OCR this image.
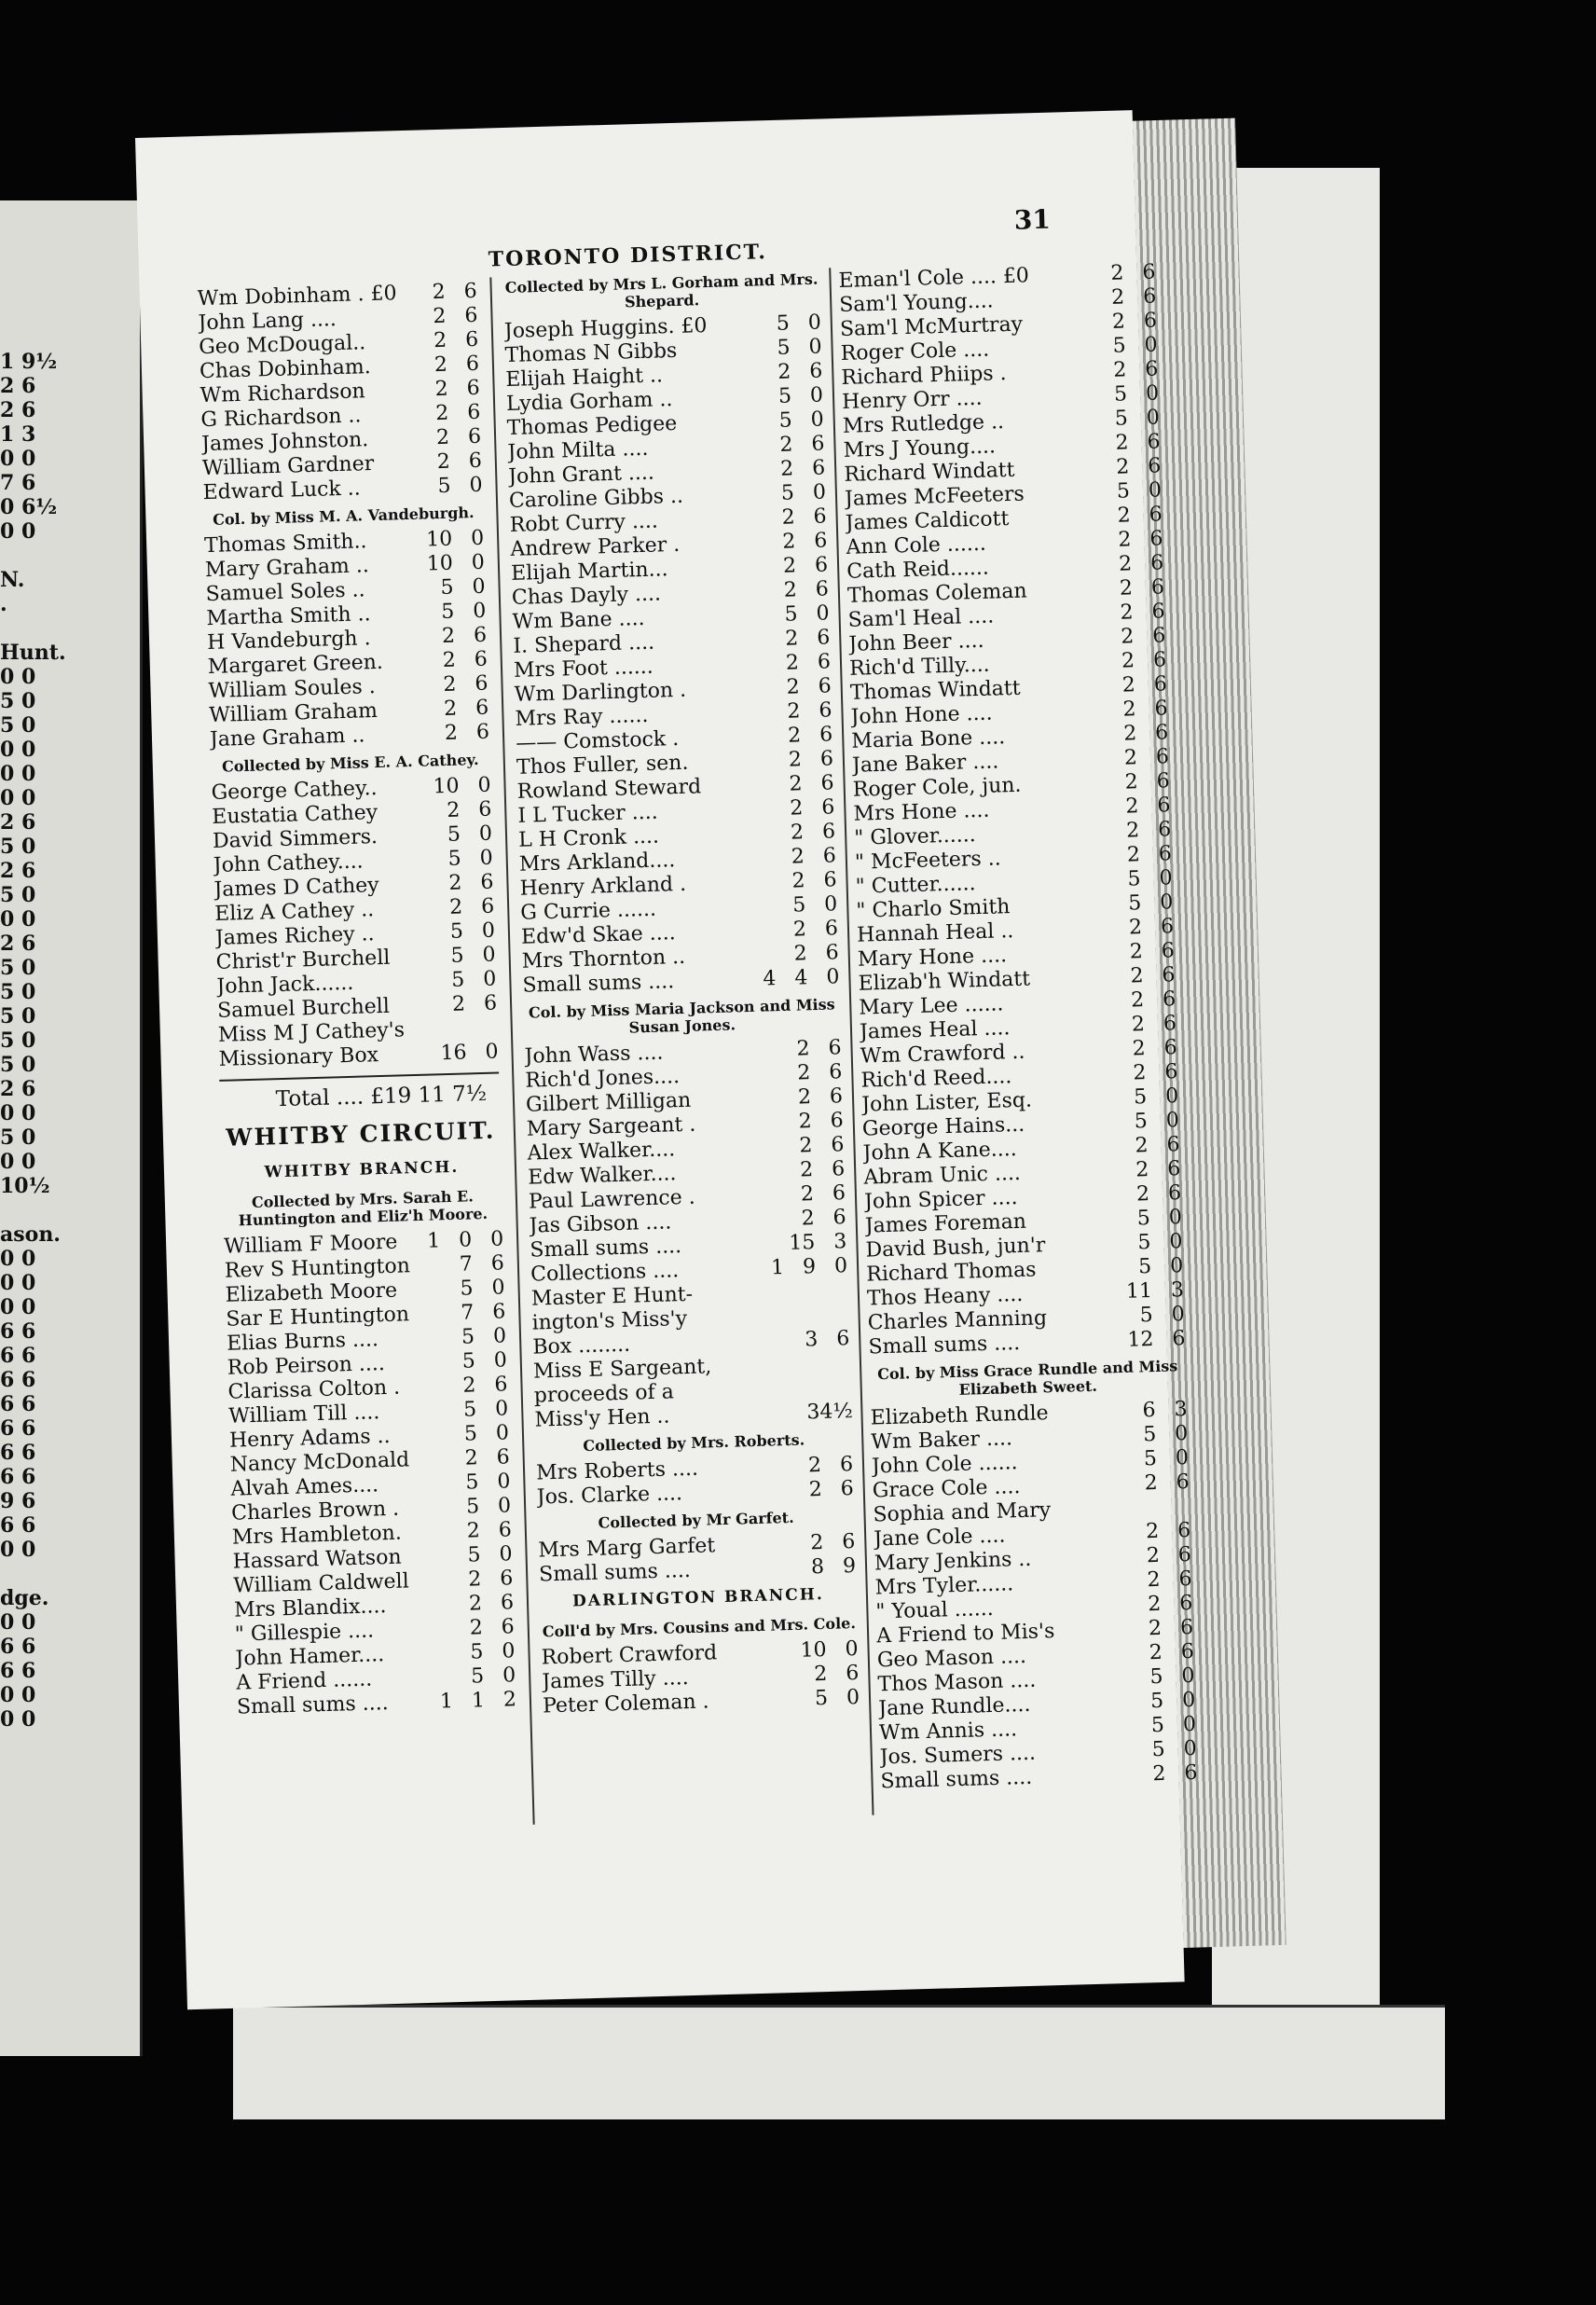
1 9½
2 6
2 6
1 3
0 0
7 6
0 6½
0 0
N.
.
Hunt.
0 0
5 0
5 0
0 0
0 0
0 0
2 6
5 0
2 6
5 0
0 0
2 6
5 0
5 0
5 0
5 0
5 0
2 6
0 0
5 0
0 0
10½
ason.
0 0
0 0
0 0
6 6
6 6
6 6
6 6
6 6
6 6
6 6
9 6
6 6
0 0
dge.
0 0
6 6
6 6
0 0
0 0
TORONTO DISTRICT.
31
Wm Dobinham . £0	2 6
John Lang ....	2 6
Geo McDougal..	2 6
Chas Dobinham.	2 6
Wm Richardson	2 6
G Richardson ..	2 6
James Johnston.	2 6
William Gardner	2 6
Edward Luck ..	5 0
Col. by Miss M. A. Vandeburgh.
Thomas Smith..	10 0
Mary Graham ..	10 0
Samuel Soles ..	5 0
Martha Smith ..	5 0
H Vandeburgh .	2 6
Margaret Green.	2 6
William Soules .	2 6
William Graham	2 6
Jane Graham ..	2 6
Collected by Miss E. A. Cathey.
George Cathey..	10 0
Eustatia Cathey	2 6
David Simmers.	5 0
John Cathey....	5 0
James D Cathey	2 6
Eliz A Cathey ..	2 6
James Richey ..	5 0
Christ'r Burchell	5 0
John Jack......	5 0
Samuel Burchell	2 6
Miss M J Cathey's
Missionary Box	16 0
Total .... £19 11 7½
WHITBY CIRCUIT.
WHITBY BRANCH.
Collected by Mrs. Sarah E. Huntington and Eliz'h Moore.
William F Moore	1 0 0
Rev S Huntington	7 6
Elizabeth Moore	5 0
Sar E Huntington	7 6
Elias Burns ....	5 0
Rob Peirson ....	5 0
Clarissa Colton .	2 6
William Till ....	5 0
Henry Adams ..	5 0
Nancy McDonald	2 6
Alvah Ames....	5 0
Charles Brown .	5 0
Mrs Hambleton.	2 6
Hassard Watson	5 0
William Caldwell	2 6
Mrs Blandix....	2 6
" Gillespie ....	2 6
John Hamer....	5 0
A Friend ......	5 0
Small sums ....	1 1 2
Collected by Mrs L. Gorham and Mrs. Shepard.
Joseph Huggins. £0	5 0
Thomas N Gibbs	5 0
Elijah Haight ..	2 6
Lydia Gorham ..	5 0
Thomas Pedigee	5 0
John Milta ....	2 6
John Grant ....	2 6
Caroline Gibbs ..	5 0
Robt Curry ....	2 6
Andrew Parker .	2 6
Elijah Martin...	2 6
Chas Dayly ....	2 6
Wm Bane ....	5 0
I. Shepard ....	2 6
Mrs Foot ......	2 6
Wm Darlington .	2 6
Mrs Ray ......	2 6
—— Comstock .	2 6
Thos Fuller, sen.	2 6
Rowland Steward	2 6
I L Tucker ....	2 6
L H Cronk ....	2 6
Mrs Arkland....	2 6
Henry Arkland .	2 6
G Currie ......	5 0
Edw'd Skae ....	2 6
Mrs Thornton ..	2 6
Small sums ....	4 4 0
Col. by Miss Maria Jackson and Miss Susan Jones.
John Wass ....	2 6
Rich'd Jones....	2 6
Gilbert Milligan	2 6
Mary Sargeant .	2 6
Alex Walker....	2 6
Edw Walker....	2 6
Paul Lawrence .	2 6
Jas Gibson ....	2 6
Small sums ....	15 3
Collections ....	1 9 0
Master E Hunt-
ington's Miss'y
Box ........	3 6
Miss E Sargeant,
proceeds of a
Miss'y Hen ..	3 4½
Collected by Mrs. Roberts.
Mrs Roberts ....	2 6
Jos. Clarke ....	2 6
Collected by Mr Garfet.
Mrs Marg Garfet	2 6
Small sums ....	8 9
DARLINGTON BRANCH.
Coll'd by Mrs. Cousins and Mrs. Cole.
Robert Crawford	10 0
James Tilly ....	2 6
Peter Coleman .	5 0
Eman'l Cole .... £0	2 6
Sam'l Young....	2 6
Sam'l McMurtray	2 6
Roger Cole ....	5 0
Richard Phiips .	2 6
Henry Orr ....	5 0
Mrs Rutledge ..	5 0
Mrs J Young....	2 6
Richard Windatt	2 6
James McFeeters	5 0
James Caldicott	2 6
Ann Cole ......	2 6
Cath Reid......	2 6
Thomas Coleman	2 6
Sam'l Heal ....	2 6
John Beer ....	2 6
Rich'd Tilly....	2 6
Thomas Windatt	2 6
John Hone ....	2 6
Maria Bone ....	2 6
Jane Baker ....	2 6
Roger Cole, jun.	2 6
Mrs Hone ....	2 6
" Glover......	2 6
" McFeeters ..	2 6
" Cutter......	5 0
" Charlo Smith	5 0
Hannah Heal ..	2 6
Mary Hone ....	2 6
Elizab'h Windatt	2 6
Mary Lee ......	2 6
James Heal ....	2 6
Wm Crawford ..	2 6
Rich'd Reed....	2 6
John Lister, Esq.	5 0
George Hains...	5 0
John A Kane....	2 6
Abram Unic ....	2 6
John Spicer ....	2 6
James Foreman	5 0
David Bush, jun'r	5 0
Richard Thomas	5 0
Thos Heany ....	11 3
Charles Manning	5 0
Small sums ....	12 6
Col. by Miss Grace Rundle and Miss Elizabeth Sweet.
Elizabeth Rundle	6 3
Wm Baker ....	5 0
John Cole ......	5 0
Grace Cole ....	2 6
Sophia and Mary
Jane Cole ....	2 6
Mary Jenkins ..	2 6
Mrs Tyler......	2 6
" Youal ......	2 6
A Friend to Mis's	2 6
Geo Mason ....	2 6
Thos Mason ....	5 0
Jane Rundle....	5 0
Wm Annis ....	5 0
Jos. Sumers ....	5 0
Small sums ....	2 6
